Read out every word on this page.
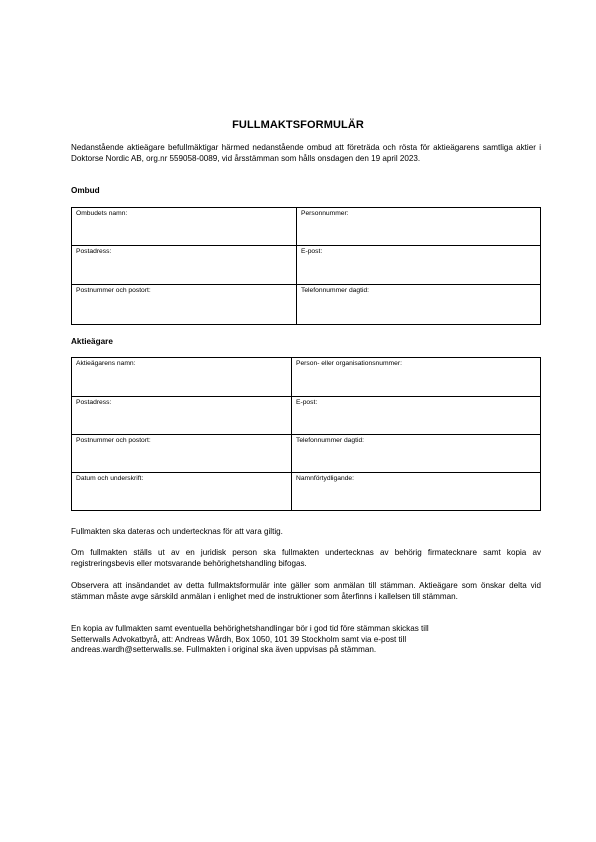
FULLMAKTSFORMULÄR
Nedanstående aktieägare befullmäktigar härmed nedanstående ombud att företräda och rösta för aktieägarens samtliga aktier i Doktorse Nordic AB, org.nr 559058-0089, vid årsstämman som hålls onsdagen den 19 april 2023.
Ombud
Ombudets namn:	Personnummer:
Postadress:	E-post:
Postnummer och postort:	Telefonnummer dagtid:
Aktieägare
Aktieägarens namn:	Person- eller organisationsnummer:
Postadress:	E-post:
Postnummer och postort:	Telefonnummer dagtid:
Datum och underskrift:	Namnförtydligande:
Fullmakten ska dateras och undertecknas för att vara giltig.
Om fullmakten ställs ut av en juridisk person ska fullmakten undertecknas av behörig firmatecknare samt kopia av registreringsbevis eller motsvarande behörighetshandling bifogas.
Observera att insändandet av detta fullmaktsformulär inte gäller som anmälan till stämman. Aktieägare som önskar delta vid stämman måste avge särskild anmälan i enlighet med de instruktioner som återfinns i kallelsen till stämman.
En kopia av fullmakten samt eventuella behörighetshandlingar bör i god tid före stämman skickas till
Setterwalls Advokatbyrå, att: Andreas Wårdh, Box 1050, 101 39 Stockholm samt via e-post till
andreas.wardh@setterwalls.se. Fullmakten i original ska även uppvisas på stämman.
